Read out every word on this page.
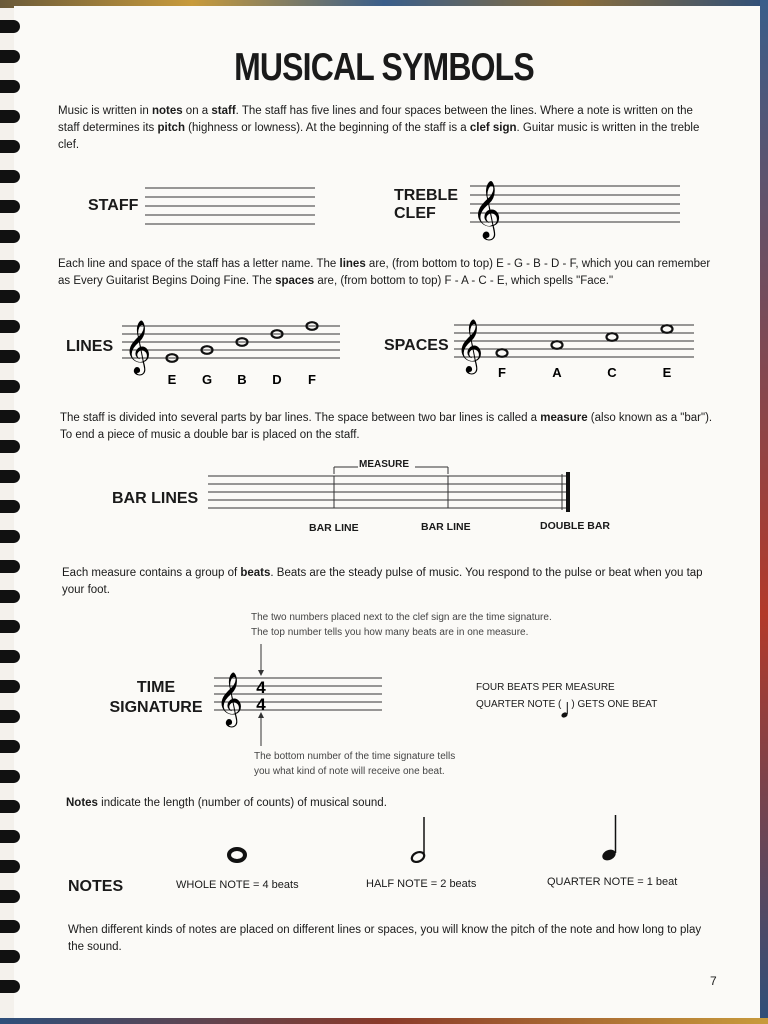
MUSICAL SYMBOLS
Music is written in notes on a staff. The staff has five lines and four spaces between the lines. Where a note is written on the staff determines its pitch (highness or lowness). At the beginning of the staff is a clef sign. Guitar music is written in the treble clef.
STAFF
TREBLE
CLEF 𝄞
Each line and space of the staff has a letter name. The lines are, (from bottom to top) E - G - B - D - F, which you can remember as Every Guitarist Begins Doing Fine. The spaces are, (from bottom to top) F - A - C - E, which spells "Face."
LINES 𝄞
E G B D F
SPACES 𝄞
F	A	C	E
The staff is divided into several parts by bar lines. The space between two bar lines is called a measure (also known as a "bar"). To end a piece of music a double bar is placed on the staff.
MEASURE
BAR LINES
BAR LINE	BAR LINE	DOUBLE BAR
Each measure contains a group of beats. Beats are the steady pulse of music. You respond to the pulse or beat when you tap your foot.
The two numbers placed next to the clef sign are the time signature.
The top number tells you how many beats are in one measure.
TIME
SIGNATURE 𝄞 4
4
FOUR BEATS PER MEASURE
QUARTER NOTE ( ) GETS ONE BEAT
The bottom number of the time signature tells
you what kind of note will receive one beat.
Notes indicate the length (number of counts) of musical sound.
NOTES	WHOLE NOTE = 4 beats	HALF NOTE = 2 beats	QUARTER NOTE = 1 beat
When different kinds of notes are placed on different lines or spaces, you will know the pitch of the note and how long to play the sound.
7
